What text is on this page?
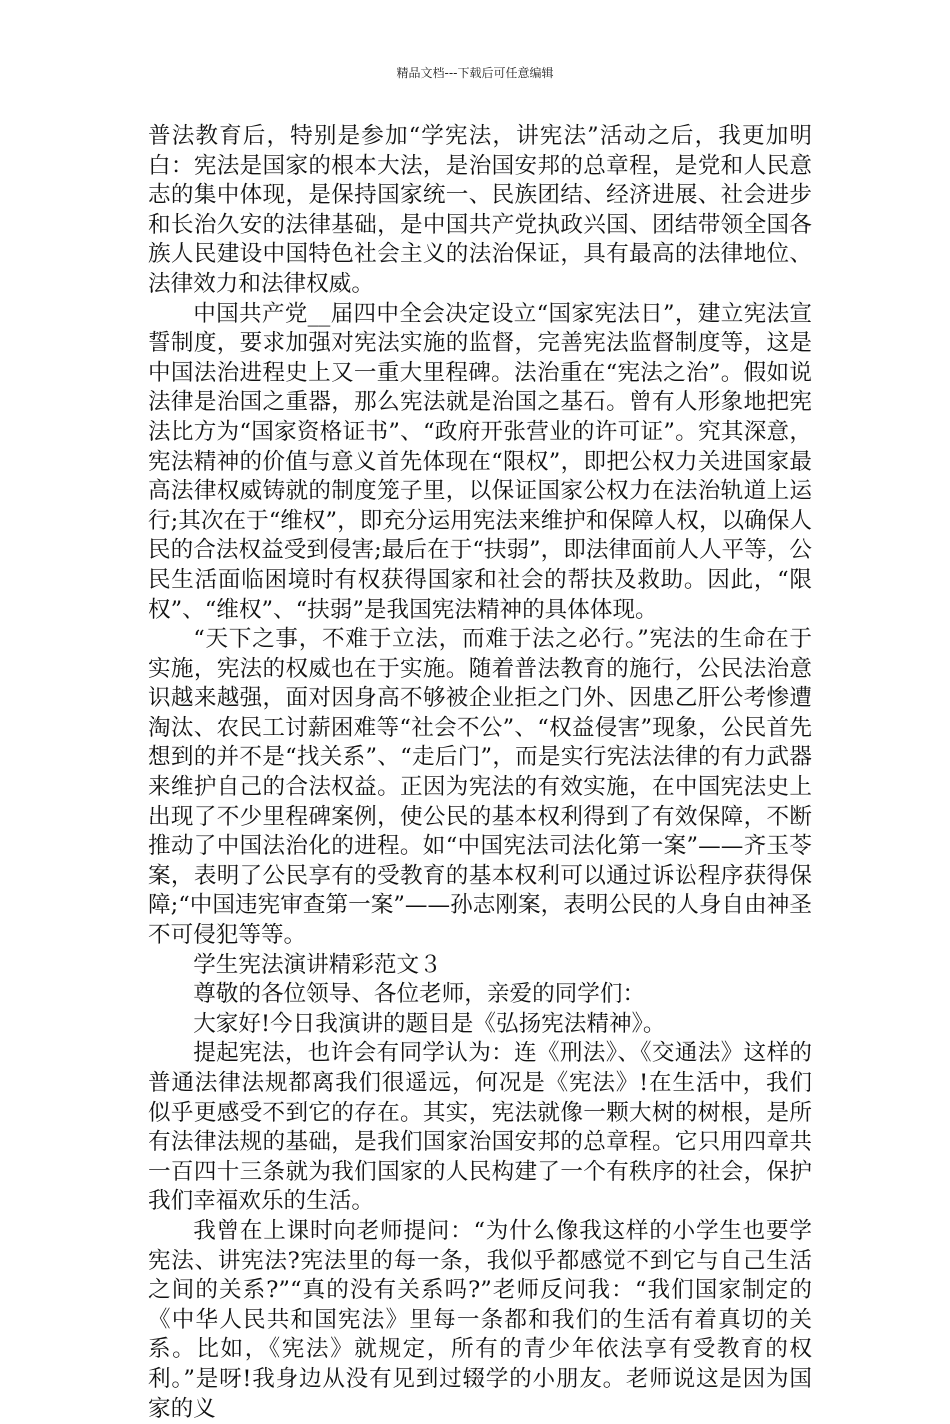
精品文档---下载后可任意编辑

普法教育后，特别是参加“学宪法，讲宪法”活动之后，我更加明白：宪法是国家的根本大法，是治国安邦的总章程，是党和人民意志的集中体现，是保持国家统一、民族团结、经济进展、社会进步和长治久安的法律基础，是中国共产党执政兴国、团结带领全国各族人民建设中国特色社会主义的法治保证，具有最高的法律地位、法律效力和法律权威。

中国共产党__届四中全会决定设立“国家宪法日”，建立宪法宣誓制度，要求加强对宪法实施的监督，完善宪法监督制度等，这是中国法治进程史上又一重大里程碑。法治重在“宪法之治”。假如说法律是治国之重器，那么宪法就是治国之基石。曾有人形象地把宪法比方为“国家资格证书”、“政府开张营业的许可证”。究其深意，宪法精神的价值与意义首先体现在“限权”，即把公权力关进国家最高法律权威铸就的制度笼子里，以保证国家公权力在法治轨道上运行;其次在于“维权”，即充分运用宪法来维护和保障人权，以确保人民的合法权益受到侵害;最后在于“扶弱”，即法律面前人人平等，公民生活面临困境时有权获得国家和社会的帮扶及救助。因此，“限权”、“维权”、“扶弱”是我国宪法精神的具体体现。

“天下之事，不难于立法，而难于法之必行。”宪法的生命在于实施，宪法的权威也在于实施。随着普法教育的施行，公民法治意识越来越强，面对因身高不够被企业拒之门外、因患乙肝公考惨遭淘汰、农民工讨薪困难等“社会不公”、“权益侵害”现象，公民首先想到的并不是“找关系”、“走后门”，而是实行宪法法律的有力武器来维护自己的合法权益。正因为宪法的有效实施，在中国宪法史上出现了不少里程碑案例，使公民的基本权利得到了有效保障，不断推动了中国法治化的进程。如“中国宪法司法化第一案”——齐玉苓案，表明了公民享有的受教育的基本权利可以通过诉讼程序获得保障;“中国违宪审查第一案”——孙志刚案，表明公民的人身自由神圣不可侵犯等等。

学生宪法演讲精彩范文３

尊敬的各位领导、各位老师，亲爱的同学们：

大家好!今日我演讲的题目是《弘扬宪法精神》。

提起宪法，也许会有同学认为：连《刑法》、《交通法》这样的普通法律法规都离我们很遥远，何况是《宪法》!在生活中，我们似乎更感受不到它的存在。其实，宪法就像一颗大树的树根，是所有法律法规的基础，是我们国家治国安邦的总章程。它只用四章共一百四十三条就为我们国家的人民构建了一个有秩序的社会，保护我们幸福欢乐的生活。

我曾在上课时向老师提问：“为什么像我这样的小学生也要学宪法、讲宪法?宪法里的每一条，我似乎都感觉不到它与自己生活之间的关系?”“真的没有关系吗?”老师反问我：“我们国家制定的《中华人民共和国宪法》里每一条都和我们的生活有着真切的关系。比如，《宪法》就规定，所有的青少年依法享有受教育的权利。”是呀!我身边从没有见到过辍学的小朋友。老师说这是因为国家的义
